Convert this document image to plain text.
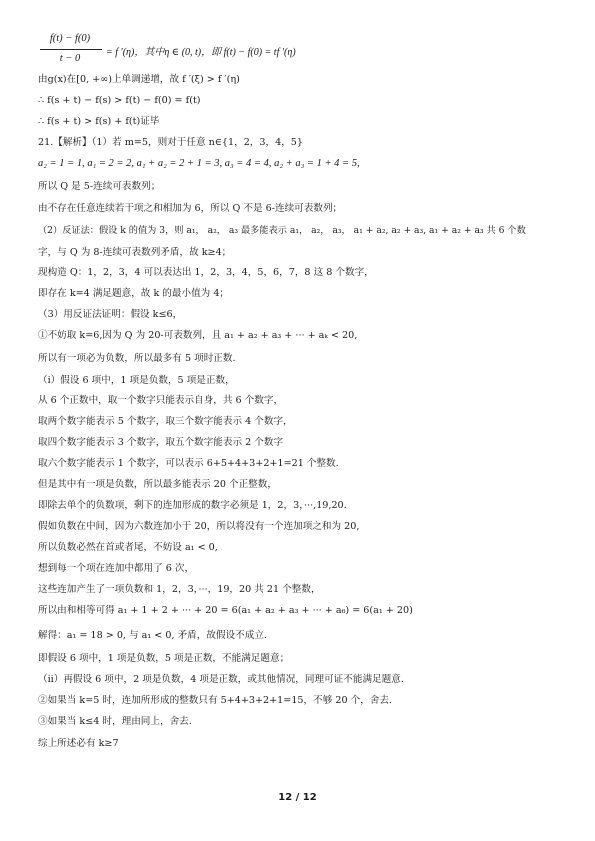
f(t) − f(0)
t − 0
= f ′(η)，其中η ∈ (0, t)，即 f(t) − f(0) = tf ′(η)
由g(x)在[0, +∞)上单调递增，故 f ′(ξ) > f ′(η)
∴ f(s + t) − f(s) > f(t) − f(0) = f(t)
∴ f(s + t) > f(s) + f(t)证毕
21.【解析】（1）若 m=5，则对于任意 n∈{1，2，3，4，5}
a₂ = 1 = 1, a₁ = 2 = 2, a₁ + a₂ = 2 + 1 = 3, a₃ = 4 = 4, a₂ + a₃ = 1 + 4 = 5,
所以 Q 是 5-连续可表数列；
由不存在任意连续若干项之和相加为 6，所以 Q 不是 6-连续可表数列；
（2）反证法：假设 k 的值为 3，则 a₁， a₂， a₃ 最多能表示 a₁， a₂， a₃， a₁ + a₂, a₂ + a₃, a₁ + a₂ + a₃ 共 6 个数
字，与 Q 为 8-连续可表数列矛盾，故 k≥4；
现构造 Q：1，2，3，4 可以表达出 1，2，3，4，5，6，7，8 这 8 个数字，
即存在 k=4 满足题意，故 k 的最小值为 4；
（3）用反证法证明：假设 k≤6，
①不妨取 k=6,因为 Q 为 20-可表数列，且 a₁ + a₂ + a₃ + ··· + aₖ < 20,
所以有一项必为负数，所以最多有 5 项时正数.
（i）假设 6 项中，1 项是负数，5 项是正数，
从 6 个正数中，取一个数字只能表示自身，共 6 个数字，
取两个数字能表示 5 个数字，取三个数字能表示 4 个数字，
取四个数字能表示 3 个数字，取五个数字能表示 2 个数字
取六个数字能表示 1 个数字，可以表示 6+5+4+3+2+1=21 个整数.
但是其中有一项是负数，所以最多能表示 20 个正整数，
即除去单个的负数项，剩下的连加形成的数字必须是 1，2，3，···,19,20.
假如负数在中间，因为六数连加小于 20，所以将没有一个连加项之和为 20,
所以负数必然在首或者尾，不妨设 a₁ < 0,
想到每一个项在连加中都用了 6 次，
这些连加产生了一项负数和 1，2，3，···，19，20 共 21 个整数，
所以由和相等可得 a₁ + 1 + 2 + ··· + 20 = 6(a₁ + a₂ + a₃ + ··· + a₆) = 6(a₁ + 20)
解得：a₁ = 18 > 0, 与 a₁ < 0, 矛盾，故假设不成立.
即假设 6 项中，1 项是负数，5 项是正数，不能满足题意；
（ii）再假设 6 项中，2 项是负数，4 项是正数，或其他情况，同理可证不能满足题意.
②如果当 k=5 时，连加所形成的整数只有 5+4+3+2+1=15，不够 20 个，舍去.
③如果当 k≤4 时，理由同上，舍去.
综上所述必有 k≥7
12 / 12
